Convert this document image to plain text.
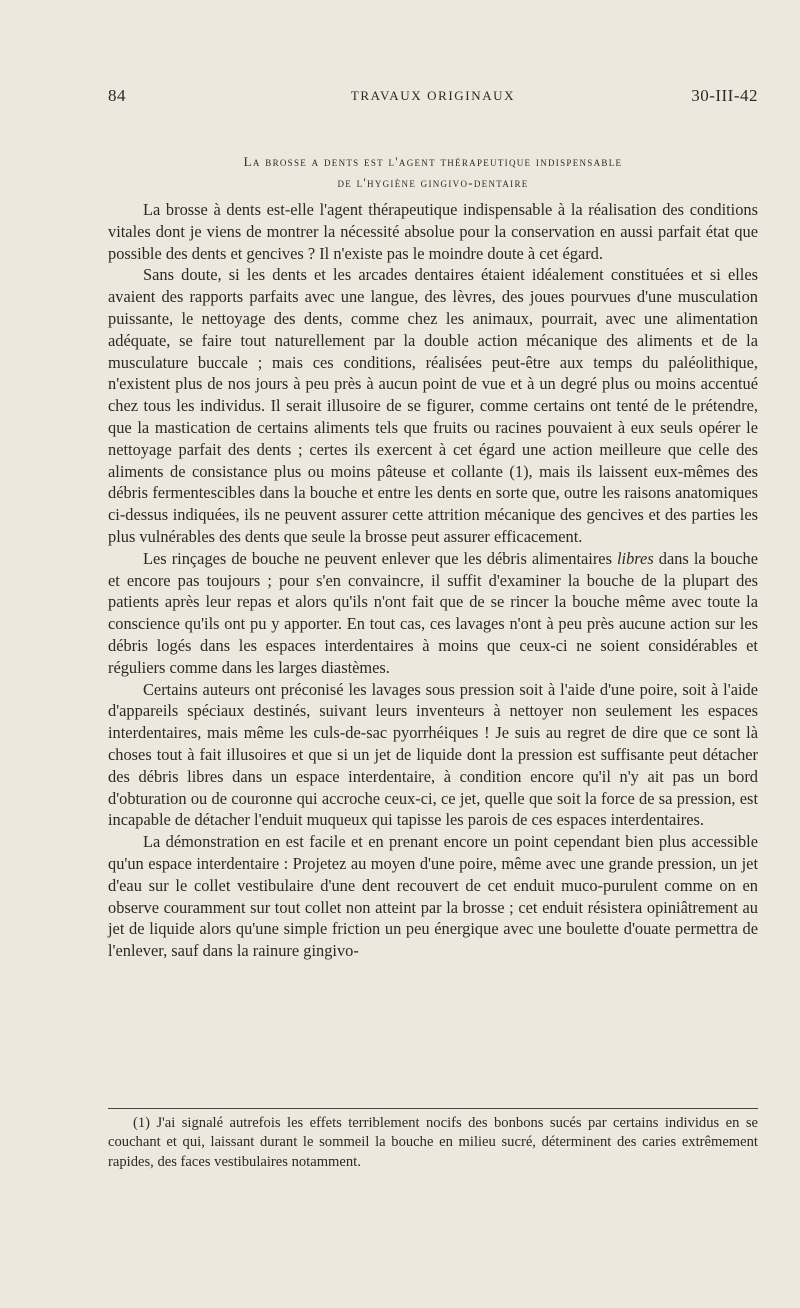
84	TRAVAUX ORIGINAUX	30-III-42
La brosse a dents est l'agent thérapeutique indispensable
de l'hygiène gingivo-dentaire

La brosse à dents est-elle l'agent thérapeutique indispensable à la réalisation des conditions vitales dont je viens de montrer la nécessité absolue pour la conservation en aussi parfait état que possible des dents et gencives ? Il n'existe pas le moindre doute à cet égard.

Sans doute, si les dents et les arcades dentaires étaient idéalement constituées et si elles avaient des rapports parfaits avec une langue, des lèvres, des joues pourvues d'une musculation puissante, le nettoyage des dents, comme chez les animaux, pourrait, avec une alimentation adéquate, se faire tout naturellement par la double action mécanique des aliments et de la musculature buccale ; mais ces conditions, réalisées peut-être aux temps du paléolithique, n'existent plus de nos jours à peu près à aucun point de vue et à un degré plus ou moins accentué chez tous les individus. Il serait illusoire de se figurer, comme certains ont tenté de le prétendre, que la mastication de certains aliments tels que fruits ou racines pouvaient à eux seuls opérer le nettoyage parfait des dents ; certes ils exercent à cet égard une action meilleure que celle des aliments de consistance plus ou moins pâteuse et collante (1), mais ils laissent eux-mêmes des débris fermentescibles dans la bouche et entre les dents en sorte que, outre les raisons anatomiques ci-dessus indiquées, ils ne peuvent assurer cette attrition mécanique des gencives et des parties les plus vulnérables des dents que seule la brosse peut assurer efficacement.

Les rinçages de bouche ne peuvent enlever que les débris alimentaires libres dans la bouche et encore pas toujours ; pour s'en convaincre, il suffit d'examiner la bouche de la plupart des patients après leur repas et alors qu'ils n'ont fait que de se rincer la bouche même avec toute la conscience qu'ils ont pu y apporter. En tout cas, ces lavages n'ont à peu près aucune action sur les débris logés dans les espaces interdentaires à moins que ceux-ci ne soient considérables et réguliers comme dans les larges diastèmes.

Certains auteurs ont préconisé les lavages sous pression soit à l'aide d'une poire, soit à l'aide d'appareils spéciaux destinés, suivant leurs inventeurs à nettoyer non seulement les espaces interdentaires, mais même les culs-de-sac pyorrhéiques ! Je suis au regret de dire que ce sont là choses tout à fait illusoires et que si un jet de liquide dont la pression est suffisante peut détacher des débris libres dans un espace interdentaire, à condition encore qu'il n'y ait pas un bord d'obturation ou de couronne qui accroche ceux-ci, ce jet, quelle que soit la force de sa pression, est incapable de détacher l'enduit muqueux qui tapisse les parois de ces espaces interdentaires.

La démonstration en est facile et en prenant encore un point cependant bien plus accessible qu'un espace interdentaire : Projetez au moyen d'une poire, même avec une grande pression, un jet d'eau sur le collet vestibulaire d'une dent recouvert de cet enduit muco-purulent comme on en observe couramment sur tout collet non atteint par la brosse ; cet enduit résistera opiniâtrement au jet de liquide alors qu'une simple friction un peu énergique avec une boulette d'ouate permettra de l'enlever, sauf dans la rainure gingivo-

(1) J'ai signalé autrefois les effets terriblement nocifs des bonbons sucés par certains individus en se couchant et qui, laissant durant le sommeil la bouche en milieu sucré, déterminent des caries extrêmement rapides, des faces vestibulaires notamment.
